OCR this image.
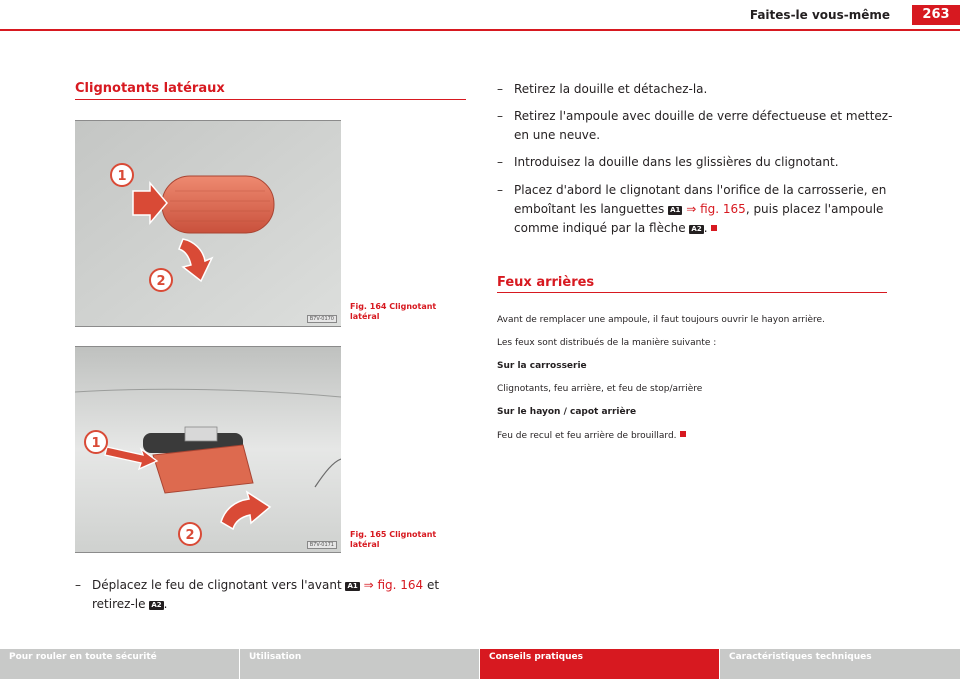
Faites-le vous-même	263
Clignotants latéraux
1
2
B7V-0170
Fig. 164 Clignotant latéral
1
2
B7V-0171
Fig. 165 Clignotant latéral
– Déplacez le feu de clignotant vers l'avant A1 ⇒ fig. 164 et retirez-le A2 .
– Retirez la douille et détachez-la.
– Retirez l'ampoule avec douille de verre défectueuse et mettez-en une neuve.
– Introduisez la douille dans les glissières du clignotant.
– Placez d'abord le clignotant dans l'orifice de la carrosserie, en emboîtant les languettes A1 ⇒ fig. 165, puis placez l'ampoule comme indiqué par la flèche A2 .
Feux arrières
Avant de remplacer une ampoule, il faut toujours ouvrir le hayon arrière.
Les feux sont distribués de la manière suivante :
Sur la carrosserie
Clignotants, feu arrière, et feu de stop/arrière
Sur le hayon / capot arrière
Feu de recul et feu arrière de brouillard.
Pour rouler en toute sécurité	Utilisation	Conseils pratiques	Caractéristiques techniques
